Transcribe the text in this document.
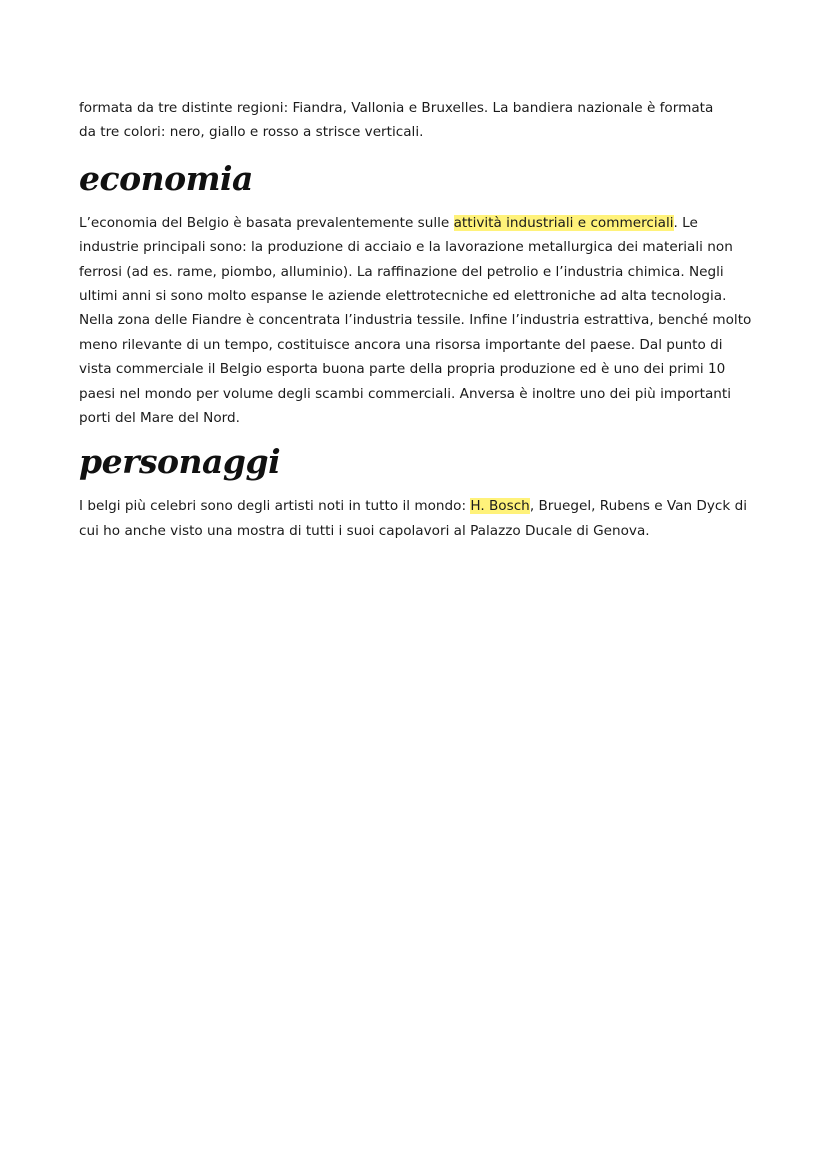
formata da tre distinte regioni: Fiandra, Vallonia e Bruxelles. La bandiera nazionale è formata
da tre colori: nero, giallo e rosso a strisce verticali.

economia

L’economia del Belgio è basata prevalentemente sulle attività industriali e commerciali. Le industrie principali sono: la produzione di acciaio e la lavorazione metallurgica dei materiali non ferrosi (ad es. rame, piombo, alluminio). La raffinazione del petrolio e l’industria chimica. Negli ultimi anni si sono molto espanse le aziende elettrotecniche ed elettroniche ad alta tecnologia. Nella zona delle Fiandre è concentrata l’industria tessile. Infine l’industria estrattiva, benché molto meno rilevante di un tempo, costituisce ancora una risorsa importante del paese. Dal punto di vista commerciale il Belgio esporta buona parte della propria produzione ed è uno dei primi 10 paesi nel mondo per volume degli scambi commerciali. Anversa è inoltre uno dei più importanti porti del Mare del Nord.

personaggi

I belgi più celebri sono degli artisti noti in tutto il mondo: H. Bosch, Bruegel, Rubens e Van Dyck di cui ho anche visto una mostra di tutti i suoi capolavori al Palazzo Ducale di Genova.
